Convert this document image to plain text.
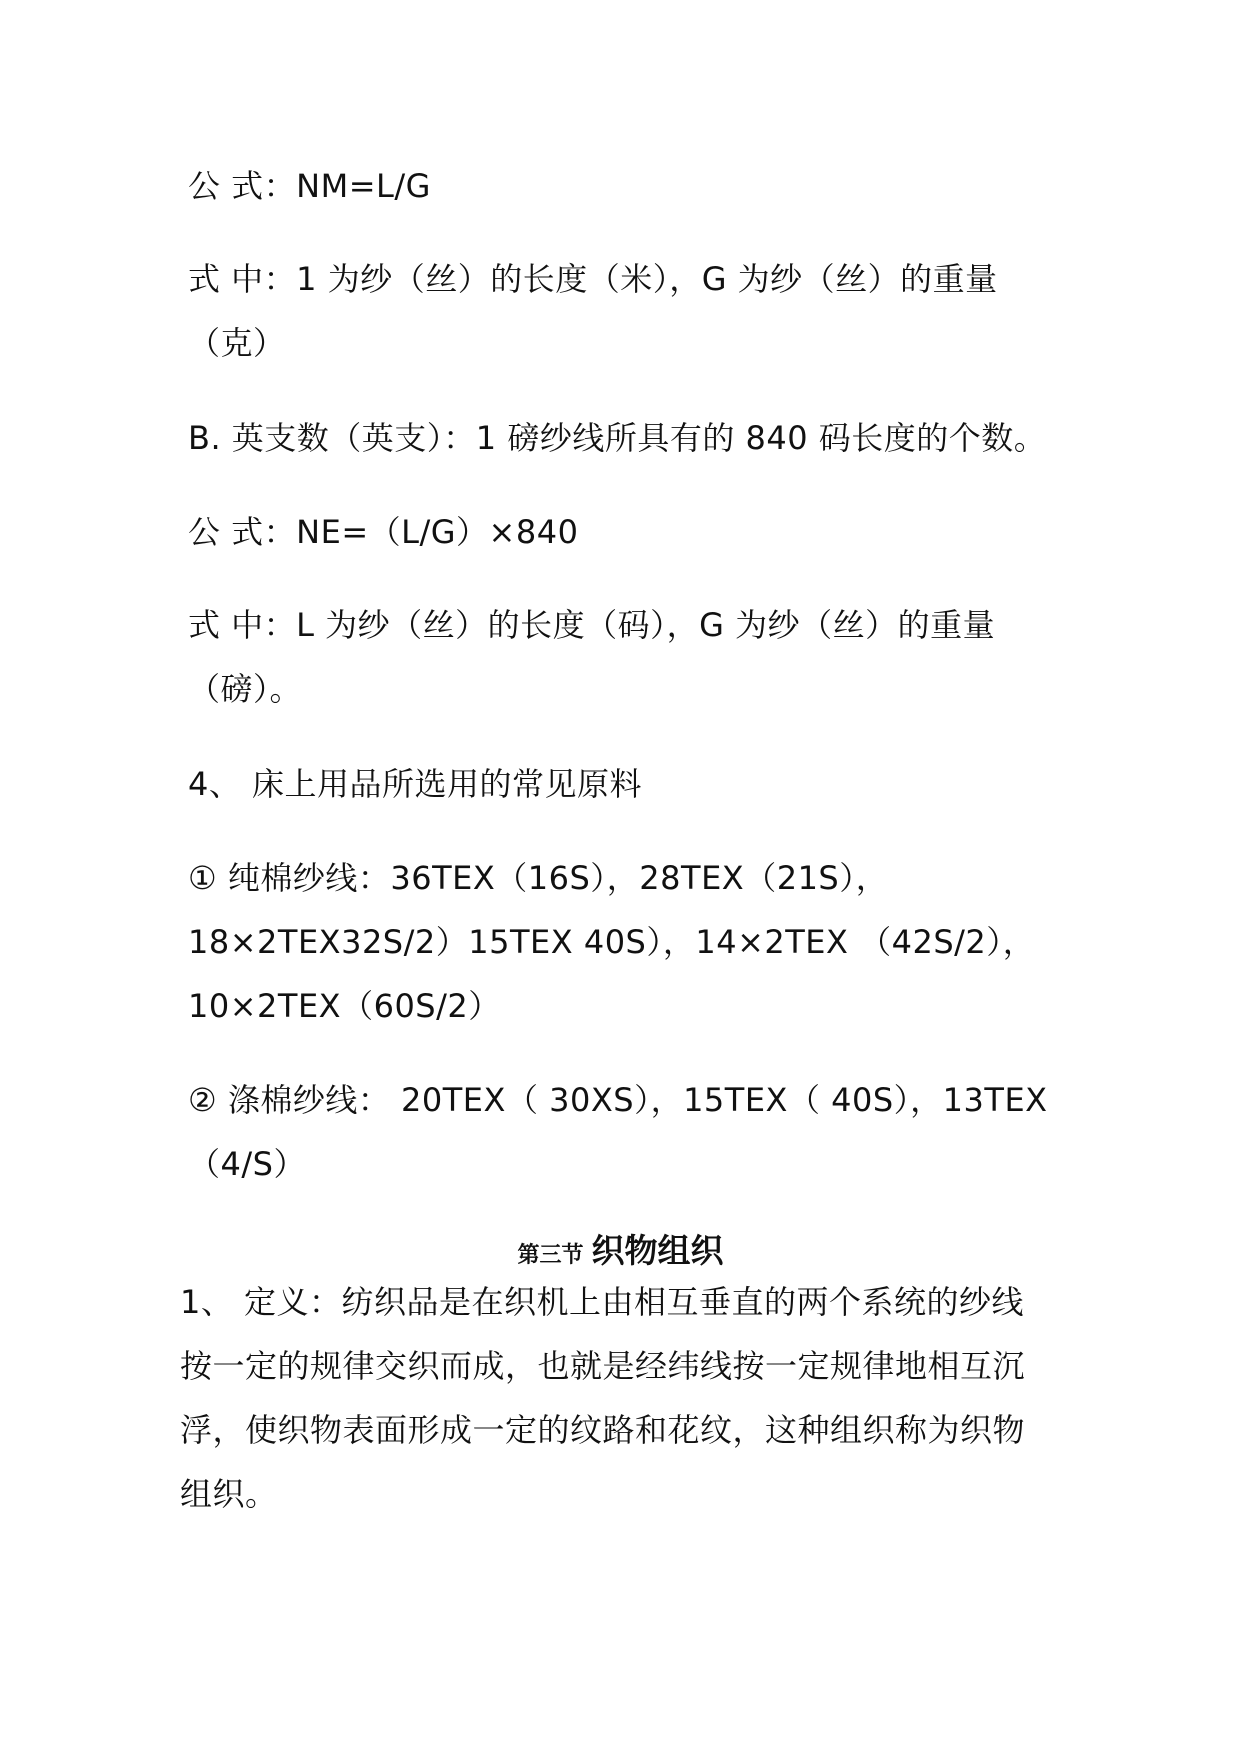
公 式：NM=L/G
式 中：1 为纱（丝）的长度（米），G 为纱（丝）的重量
（克）
B. 英支数（英支）：1 磅纱线所具有的 840 码长度的个数。
公 式：NE=（L/G）×840
式 中：L 为纱（丝）的长度（码），G 为纱（丝）的重量
（磅）。
4、 床上用品所选用的常见原料
① 纯棉纱线：36TEX（16S），28TEX（21S），
18×2TEX32S/2）15TEX 40S），14×2TEX （42S/2），
10×2TEX（60S/2）
② 涤棉纱线： 20TEX（ 30XS），15TEX（ 40S），13TEX
（4/S）
第三节 织物组织
1、 定义：纺织品是在织机上由相互垂直的两个系统的纱线
按一定的规律交织而成，也就是经纬线按一定规律地相互沉
浮，使织物表面形成一定的纹路和花纹，这种组织称为织物
组织。
